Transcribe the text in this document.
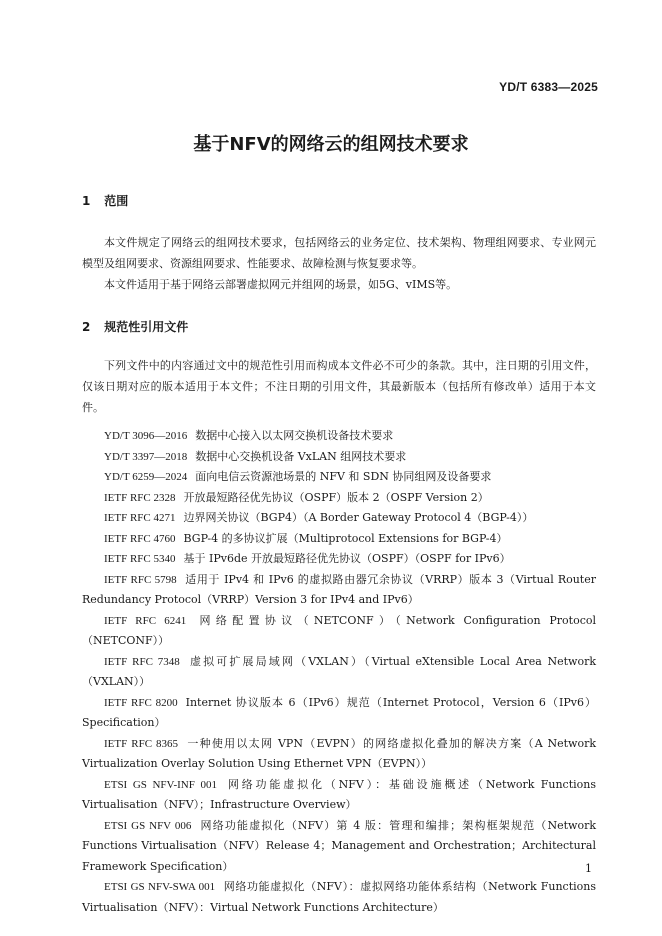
YD/T 6383—2025
基于NFV的网络云的组网技术要求
1 范围

本文件规定了网络云的组网技术要求，包括网络云的业务定位、技术架构、物理组网要求、专业网元模型及组网要求、资源组网要求、性能要求、故障检测与恢复要求等。

本文件适用于基于网络云部署虚拟网元并组网的场景，如5G、vIMS等。

2 规范性引用文件

下列文件中的内容通过文中的规范性引用而构成本文件必不可少的条款。其中，注日期的引用文件，仅该日期对应的版本适用于本文件；不注日期的引用文件，其最新版本（包括所有修改单）适用于本文件。

YD/T 3096—2016 数据中心接入以太网交换机设备技术要求
YD/T 3397—2018 数据中心交换机设备 VxLAN 组网技术要求
YD/T 6259—2024 面向电信云资源池场景的 NFV 和 SDN 协同组网及设备要求
IETF RFC 2328 开放最短路径优先协议（OSPF）版本 2（OSPF Version 2）
IETF RFC 4271 边界网关协议（BGP4）（A Border Gateway Protocol 4（BGP-4））
IETF RFC 4760 BGP-4 的多协议扩展（Multiprotocol Extensions for BGP-4）
IETF RFC 5340 基于 IPv6de 开放最短路径优先协议（OSPF）（OSPF for IPv6）
IETF RFC 5798 适用于 IPv4 和 IPv6 的虚拟路由器冗余协议（VRRP）版本 3（Virtual Router Redundancy Protocol（VRRP）Version 3 for IPv4 and IPv6）
IETF RFC 6241 网络配置协议（NETCONF）（Network Configuration Protocol（NETCONF））
IETF RFC 7348 虚拟可扩展局域网（VXLAN）（Virtual eXtensible Local Area Network（VXLAN））
IETF RFC 8200 Internet 协议版本 6（IPv6）规范（Internet Protocol，Version 6（IPv6）Specification）
IETF RFC 8365 一种使用以太网 VPN（EVPN）的网络虚拟化叠加的解决方案（A Network Virtualization Overlay Solution Using Ethernet VPN（EVPN））
ETSI GS NFV-INF 001 网络功能虚拟化（NFV）：基础设施概述（Network Functions Virtualisation（NFV）；Infrastructure Overview）
ETSI GS NFV 006 网络功能虚拟化（NFV）第 4 版：管理和编排；架构框架规范（Network Functions Virtualisation（NFV）Release 4；Management and Orchestration；Architectural Framework Specification）
ETSI GS NFV-SWA 001 网络功能虚拟化（NFV）：虚拟网络功能体系结构（Network Functions Virtualisation（NFV）：Virtual Network Functions Architecture）
1
